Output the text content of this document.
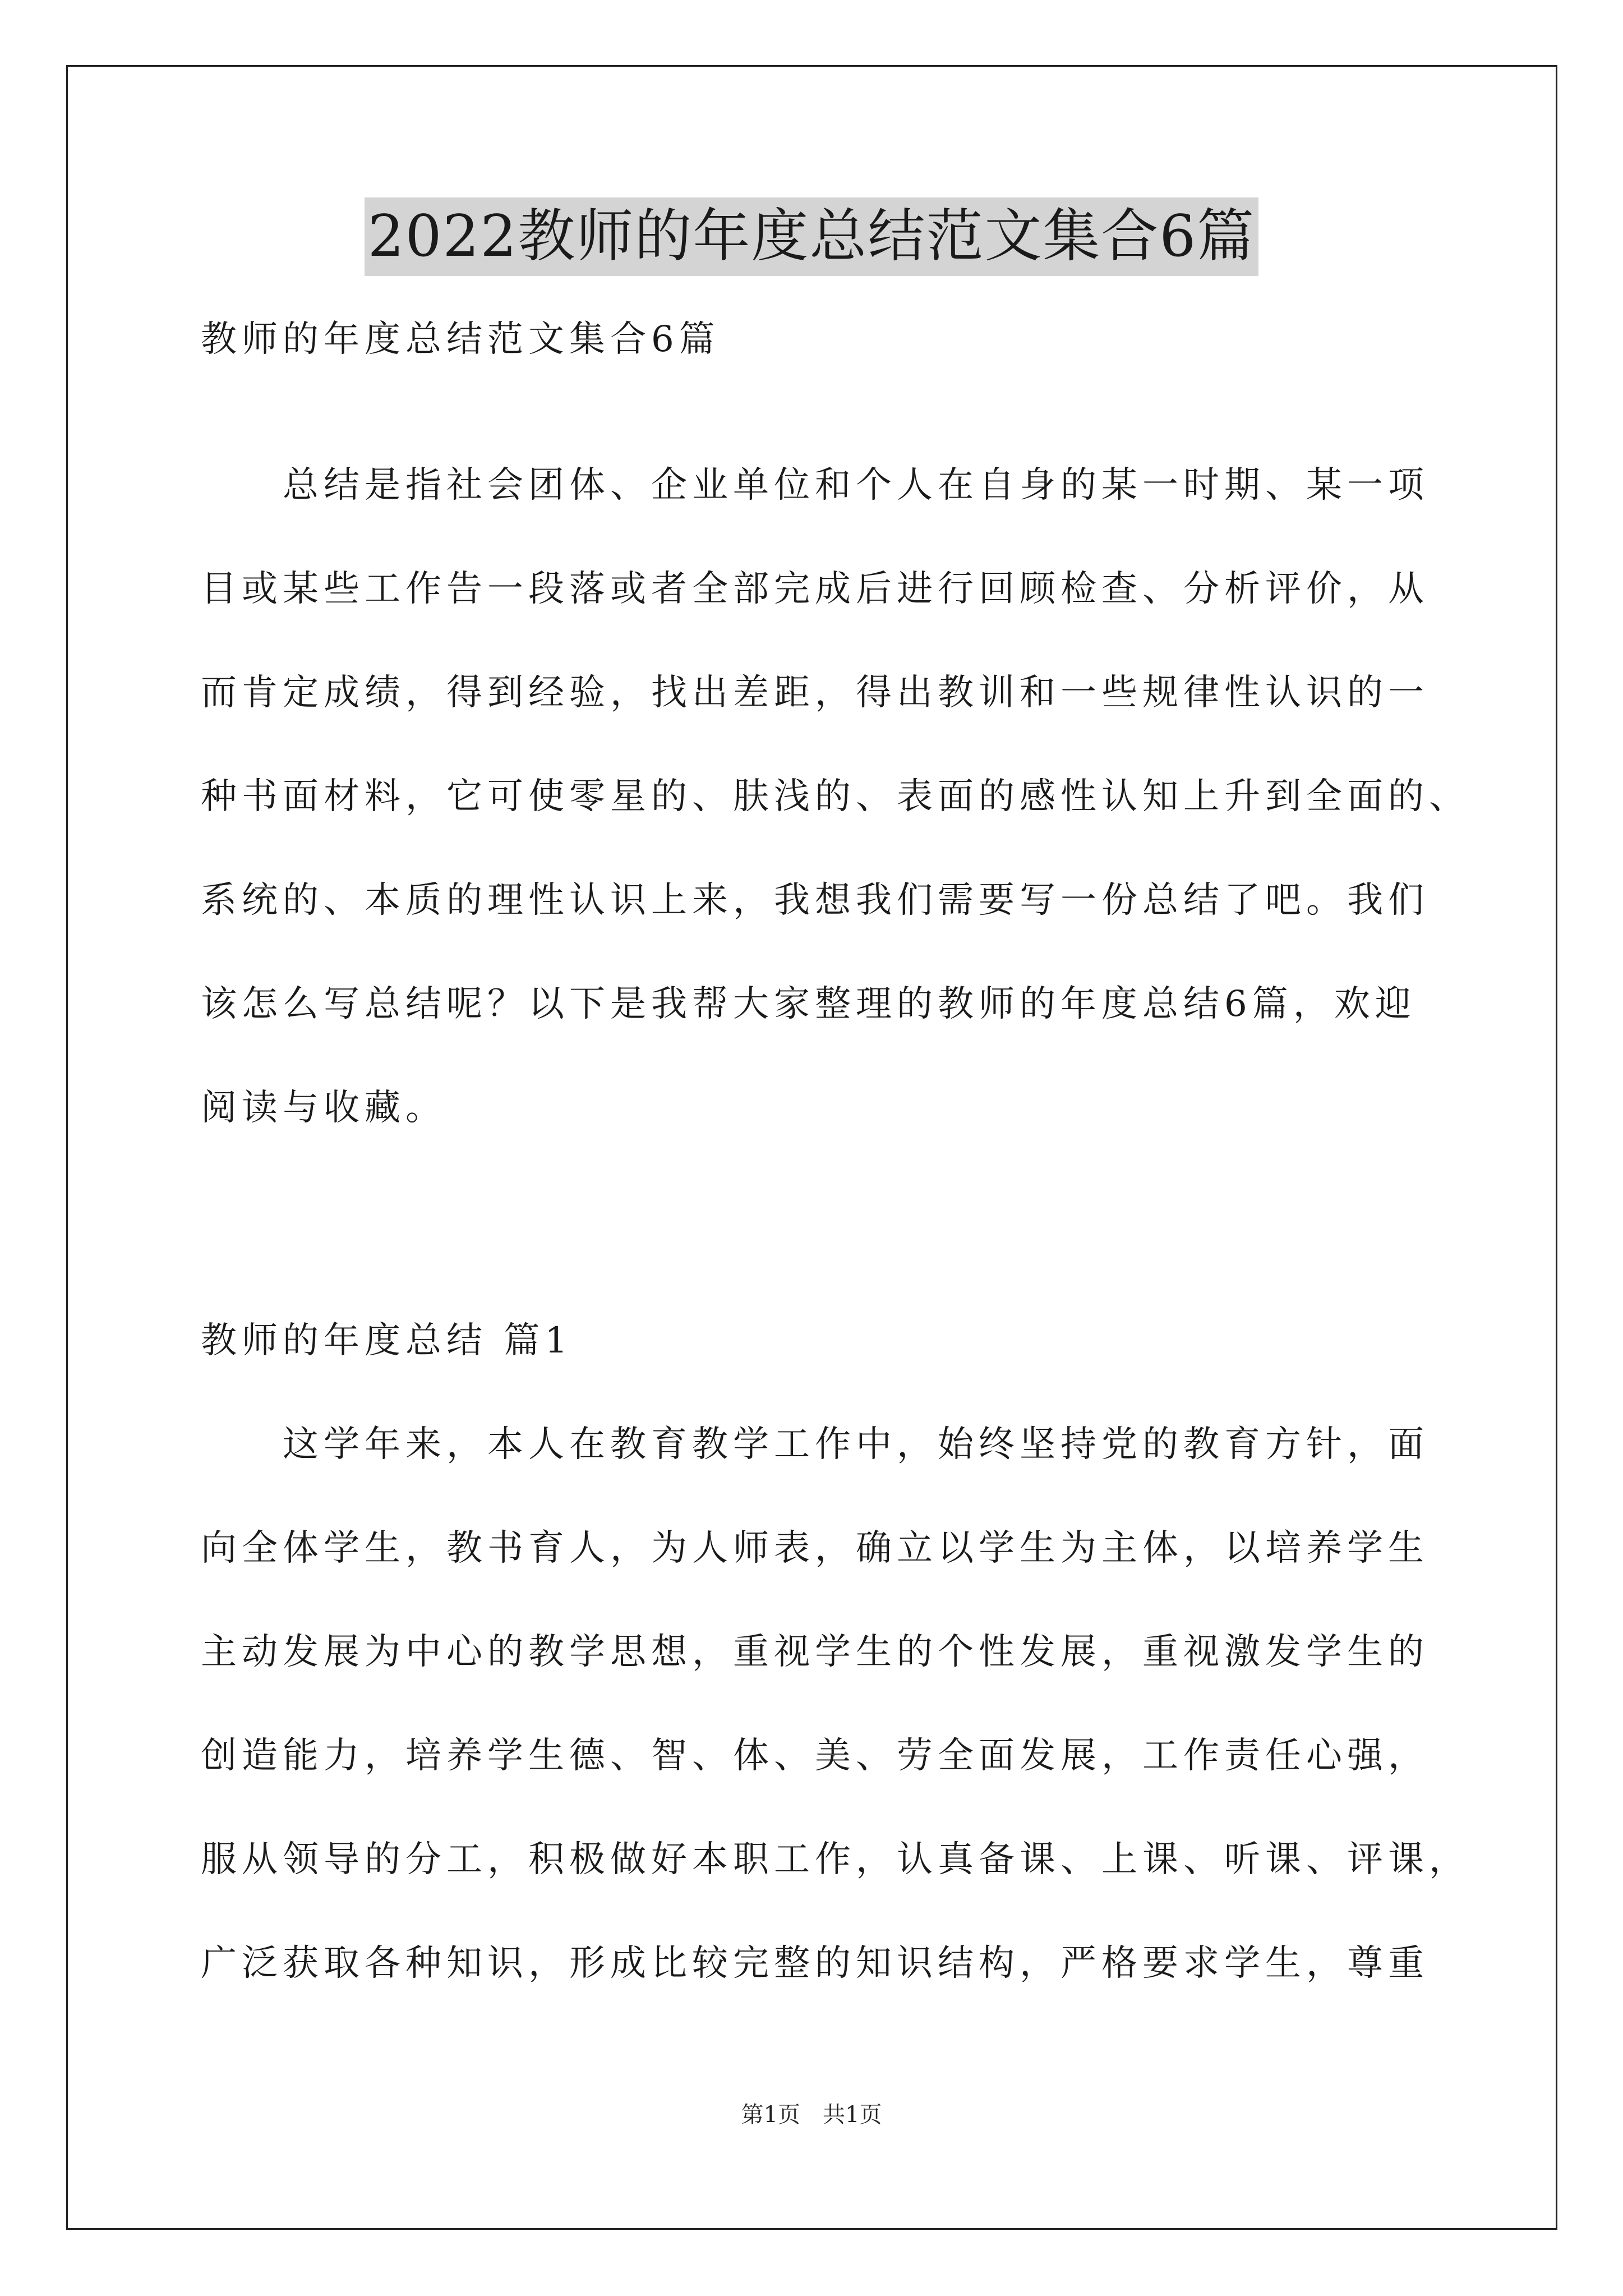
2022教师的年度总结范文集合6篇
教师的年度总结范文集合6篇
　　总结是指社会团体、企业单位和个人在自身的某一时期、某一项
目或某些工作告一段落或者全部完成后进行回顾检查、分析评价，从
而肯定成绩，得到经验，找出差距，得出教训和一些规律性认识的一
种书面材料，它可使零星的、肤浅的、表面的感性认知上升到全面的、
系统的、本质的理性认识上来，我想我们需要写一份总结了吧。我们
该怎么写总结呢？以下是我帮大家整理的教师的年度总结6篇，欢迎
阅读与收藏。
教师的年度总结 篇1
　　这学年来，本人在教育教学工作中，始终坚持党的教育方针，面
向全体学生，教书育人，为人师表，确立以学生为主体，以培养学生
主动发展为中心的教学思想，重视学生的个性发展，重视激发学生的
创造能力，培养学生德、智、体、美、劳全面发展，工作责任心强，
服从领导的分工，积极做好本职工作，认真备课、上课、听课、评课，
广泛获取各种知识，形成比较完整的知识结构，严格要求学生，尊重
第1页　共1页
